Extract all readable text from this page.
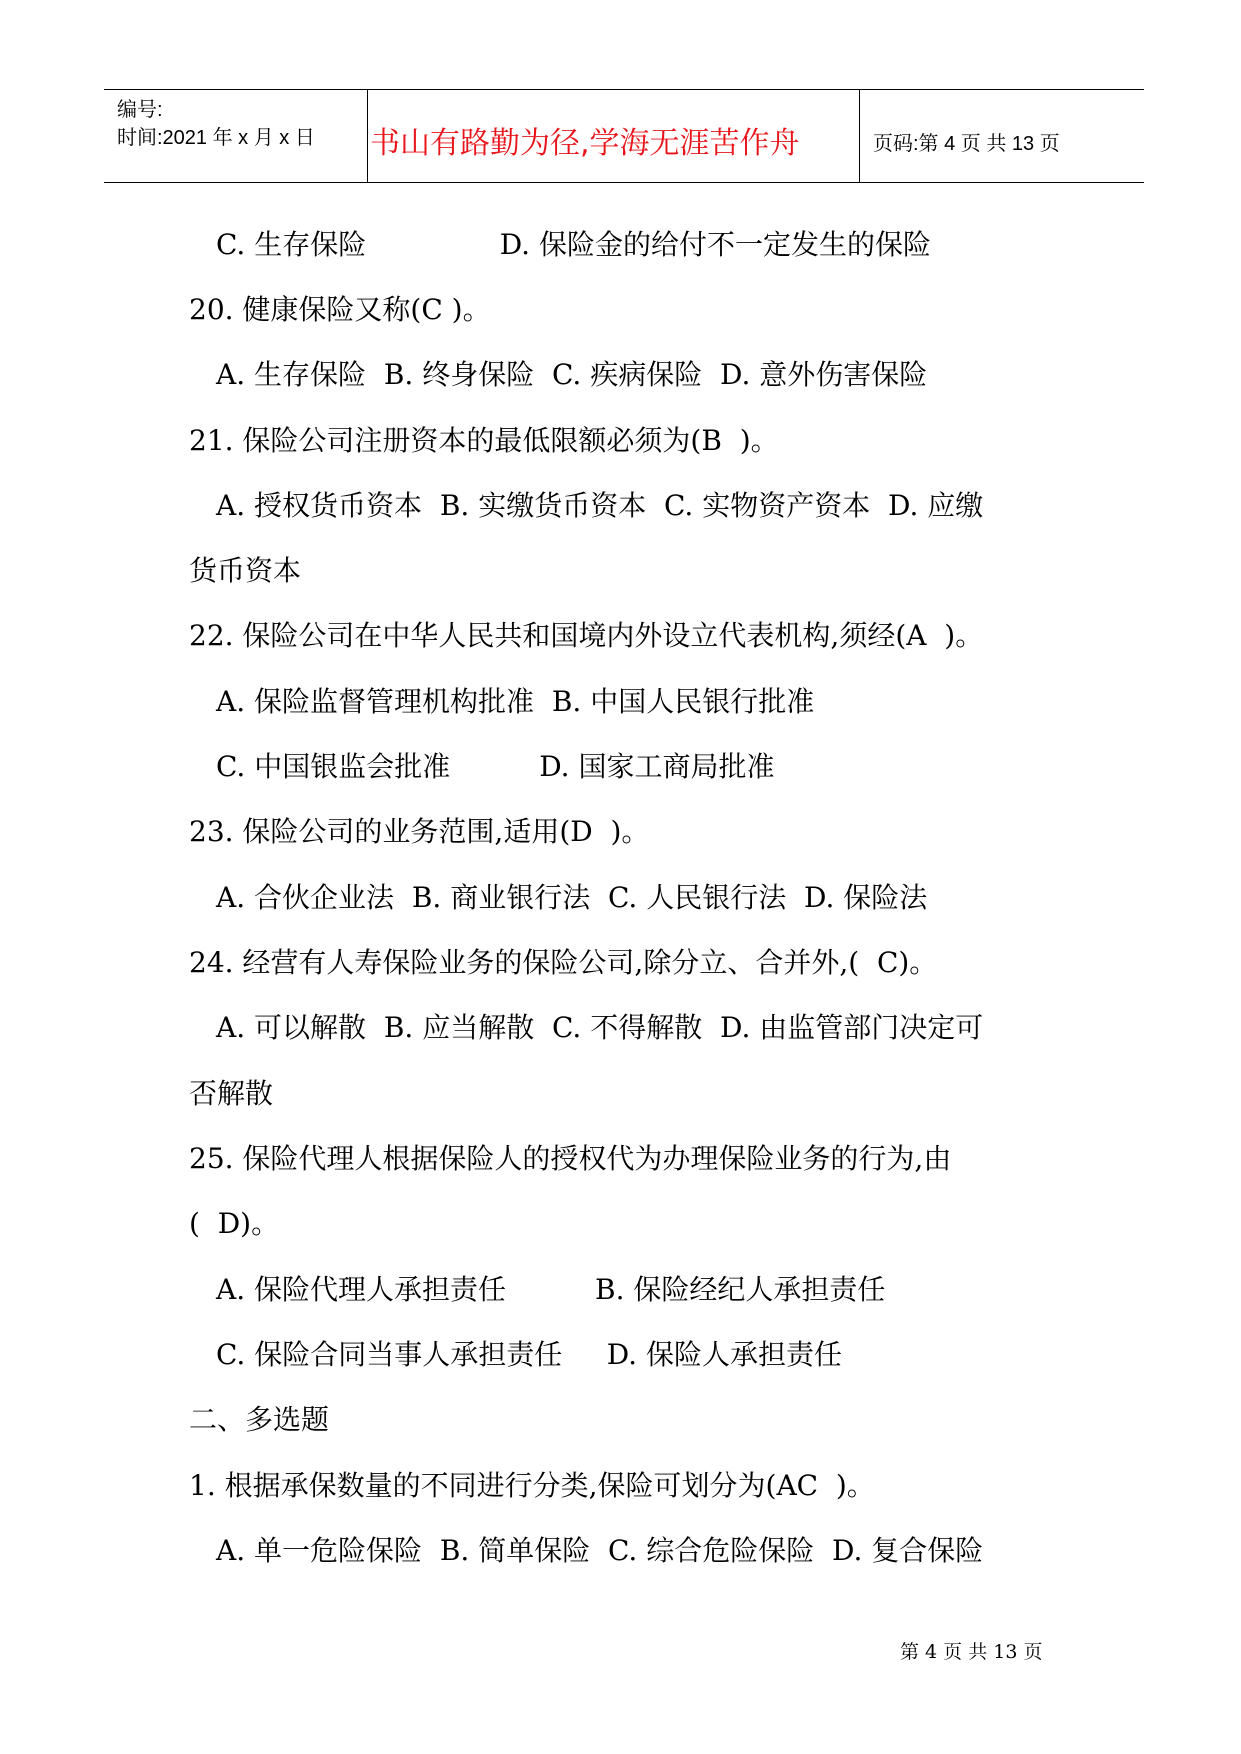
编号:
时间:2021 年 x 月 x 日 书山有路勤为径,学海无涯苦作舟	页码:第 4 页 共 13 页
C. 生存保险               D. 保险金的给付不一定发生的保险
20. 健康保险又称(C )。
A. 生存保险  B. 终身保险  C. 疾病保险  D. 意外伤害保险
21. 保险公司注册资本的最低限额必须为(B  )。
A. 授权货币资本  B. 实缴货币资本  C. 实物资产资本  D. 应缴
货币资本
22. 保险公司在中华人民共和国境内外设立代表机构,须经(A  )。
A. 保险监督管理机构批准  B. 中国人民银行批准
C. 中国银监会批准          D. 国家工商局批准
23. 保险公司的业务范围,适用(D  )。
A. 合伙企业法  B. 商业银行法  C. 人民银行法  D. 保险法
24. 经营有人寿保险业务的保险公司,除分立、合并外,(  C)。
A. 可以解散  B. 应当解散  C. 不得解散  D. 由监管部门决定可
否解散
25. 保险代理人根据保险人的授权代为办理保险业务的行为,由
(  D)。
A. 保险代理人承担责任          B. 保险经纪人承担责任
C. 保险合同当事人承担责任     D. 保险人承担责任
二、多选题
1. 根据承保数量的不同进行分类,保险可划分为(AC  )。
A. 单一危险保险  B. 简单保险  C. 综合危险保险  D. 复合保险
第 4 页 共 13 页
